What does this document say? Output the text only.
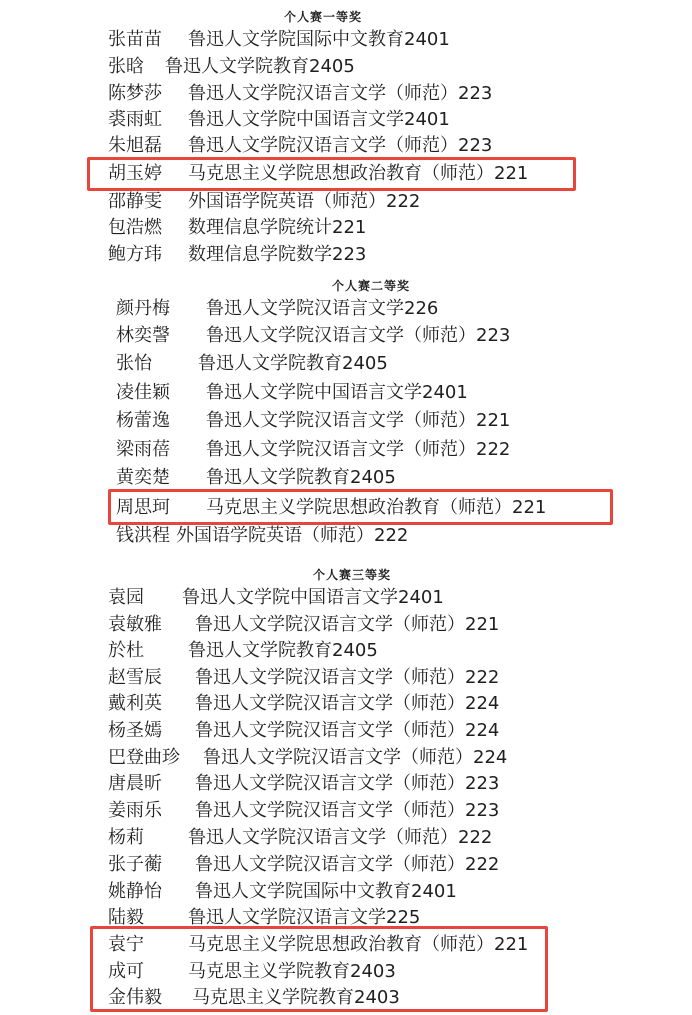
个人赛一等奖
张苗苗 鲁迅人文学院国际中文教育2401
张晗 鲁迅人文学院教育2405
陈梦莎 鲁迅人文学院汉语言文学（师范）223
裘雨虹 鲁迅人文学院中国语言文学2401
朱旭磊 鲁迅人文学院汉语言文学（师范）223
胡玉婷 马克思主义学院思想政治教育（师范）221
邵静雯 外国语学院英语（师范）222
包浩燃 数理信息学院统计221
鲍方玮 数理信息学院数学223
个人赛二等奖
颜丹梅 鲁迅人文学院汉语言文学226
林奕謦 鲁迅人文学院汉语言文学（师范）223
张怡	鲁迅人文学院教育2405
凌佳颖 鲁迅人文学院中国语言文学2401
杨蕾逸 鲁迅人文学院汉语言文学（师范）221
梁雨蓓 鲁迅人文学院汉语言文学（师范）222
黄奕楚 鲁迅人文学院教育2405
周思珂 马克思主义学院思想政治教育（师范）221
钱洪程 外国语学院英语（师范）222
个人赛三等奖
袁园 鲁迅人文学院中国语言文学2401
袁敏雅 鲁迅人文学院汉语言文学（师范）221
於杜 鲁迅人文学院教育2405
赵雪辰 鲁迅人文学院汉语言文学（师范）222
戴利英 鲁迅人文学院汉语言文学（师范）224
杨圣嫣 鲁迅人文学院汉语言文学（师范）224
巴登曲珍 鲁迅人文学院汉语言文学（师范）224
唐晨昕 鲁迅人文学院汉语言文学（师范）223
姜雨乐 鲁迅人文学院汉语言文学（师范）223
杨莉 鲁迅人文学院汉语言文学（师范）222
张子蘅 鲁迅人文学院汉语言文学（师范）222
姚静怡 鲁迅人文学院国际中文教育2401
陆毅 鲁迅人文学院汉语言文学225
袁宁 马克思主义学院思想政治教育（师范）221
成可 马克思主义学院教育2403
金伟毅 马克思主义学院教育2403
